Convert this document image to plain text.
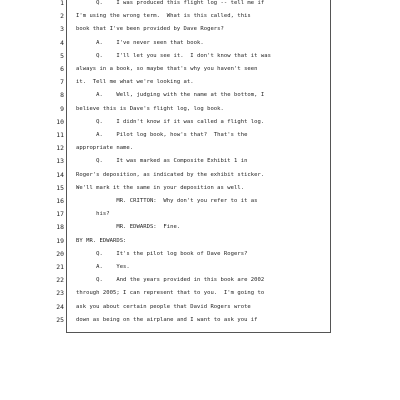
1
2
3
4
5
6
7
8
9
10
11
12
13
14
15
16
17
18
19
20
21
22
23
24
25
Q.    I was produced this flight log -- tell me if
I'm using the wrong term.  What is this called, this
book that I've been provided by Dave Rogers?
A.    I've never seen that book.
Q.    I'll let you see it.  I don't know that it was
always in a book, so maybe that's why you haven't seen
it.  Tell me what we're looking at.
A.    Well, judging with the name at the bottom, I
believe this is Dave's flight log, log book.
Q.    I didn't know if it was called a flight log.
A.    Pilot log book, how's that?  That's the
appropriate name.
Q.    It was marked as Composite Exhibit 1 in
Roger's deposition, as indicated by the exhibit sticker.
We'll mark it the same in your deposition as well.
MR. CRITTON:  Why don't you refer to it as
his?
MR. EDWARDS:  Fine.
BY MR. EDWARDS:
Q.    It's the pilot log book of Dave Rogers?
A.    Yes.
Q.    And the years provided in this book are 2002
through 2005; I can represent that to you.  I'm going to
ask you about certain people that David Rogers wrote
down as being on the airplane and I want to ask you if
